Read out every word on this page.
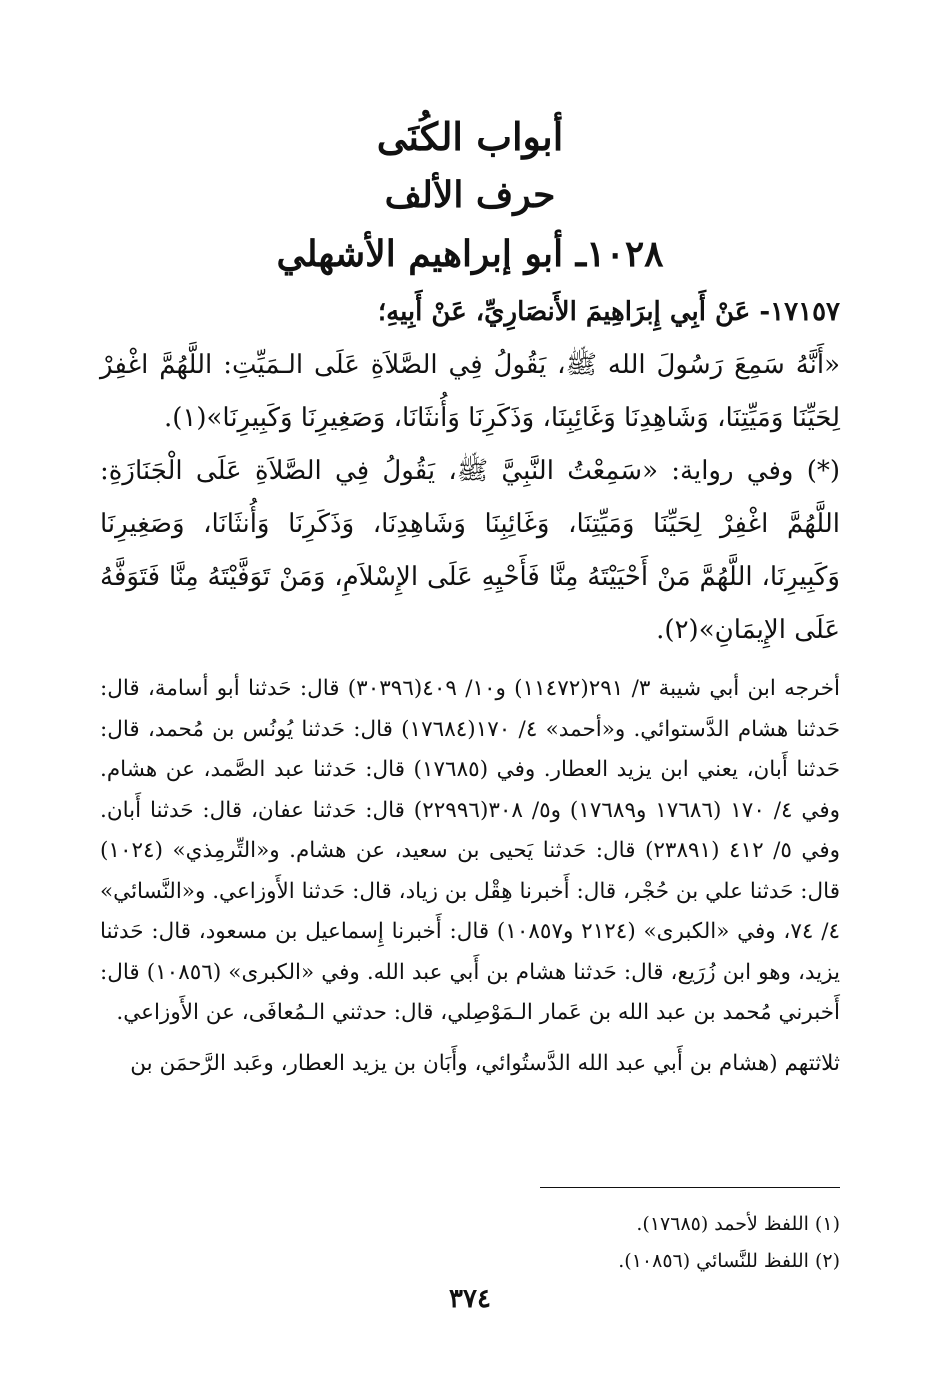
أبواب الكُنَى

حرف الألف

١٠٢٨ـ أبو إبراهيم الأشهلي

١٧١٥٧- عَنْ أَبِي إِبرَاهِيمَ الأَنصَارِيِّ، عَنْ أَبِيهِ؛

«أَنَّهُ سَمِعَ رَسُولَ الله ﷺ، يَقُولُ فِي الصَّلاَةِ عَلَى الـمَيِّتِ: اللَّهُمَّ اغْفِرْ لِحَيِّنَا وَمَيِّتِنَا، وَشَاهِدِنَا وَغَائِبِنَا، وَذَكَرِنَا وَأُنثَانَا، وَصَغِيرِنَا وَكَبِيرِنَا»(١).

(*) وفي رواية: «سَمِعْتُ النَّبِيَّ ﷺ، يَقُولُ فِي الصَّلاَةِ عَلَى الْجَنَازَةِ: اللَّهُمَّ اغْفِرْ لِحَيِّنَا وَمَيِّتِنَا، وَغَائِبِنَا وَشَاهِدِنَا، وَذَكَرِنَا وَأُنثَانَا، وَصَغِيرِنَا وَكَبِيرِنَا، اللَّهُمَّ مَنْ أَحْيَيْتَهُ مِنَّا فَأَحْيِهِ عَلَى الإِسْلاَمِ، وَمَنْ تَوَفَّيْتَهُ مِنَّا فَتَوَفَّهُ عَلَى الإِيمَانِ»(٢).

أخرجه ابن أبي شيبة ٣/ ٢٩١(١١٤٧٢) و١٠/ ٤٠٩(٣٠٣٩٦) قال: حَدثنا أبو أسامة، قال: حَدثنا هشام الدَّستوائي. و«أحمد» ٤/ ١٧٠(١٧٦٨٤) قال: حَدثنا يُونُس بن مُحمد، قال: حَدثنا أَبان، يعني ابن يزيد العطار. وفي (١٧٦٨٥) قال: حَدثنا عبد الصَّمد، عن هشام. وفي ٤/ ١٧٠ (١٧٦٨٦ و١٧٦٨٩) و٥/ ٣٠٨(٢٢٩٩٦) قال: حَدثنا عفان، قال: حَدثنا أَبان. وفي ٥/ ٤١٢ (٢٣٨٩١) قال: حَدثنا يَحيى بن سعيد، عن هشام. و«التِّرمِذي» (١٠٢٤) قال: حَدثنا علي بن حُجْر، قال: أَخبرنا هِقْل بن زياد، قال: حَدثنا الأَوزاعي. و«النَّسائي» ٤/ ٧٤، وفي «الكبرى» (٢١٢٤ و١٠٨٥٧) قال: أَخبرنا إِسماعيل بن مسعود، قال: حَدثنا يزيد، وهو ابن زُرَيع، قال: حَدثنا هشام بن أَبي عبد الله. وفي «الكبرى» (١٠٨٥٦) قال: أَخبرني مُحمد بن عبد الله بن عَمار الـمَوْصِلي، قال: حدثني الـمُعافَى، عن الأَوزاعي.

ثلاثتهم (هشام بن أَبي عبد الله الدَّستُوائي، وأَبَان بن يزيد العطار، وعَبد الرَّحمَن بن

(١) اللفظ لأحمد (١٧٦٨٥).

(٢) اللفظ للنَّسائي (١٠٨٥٦).

٣٧٤
